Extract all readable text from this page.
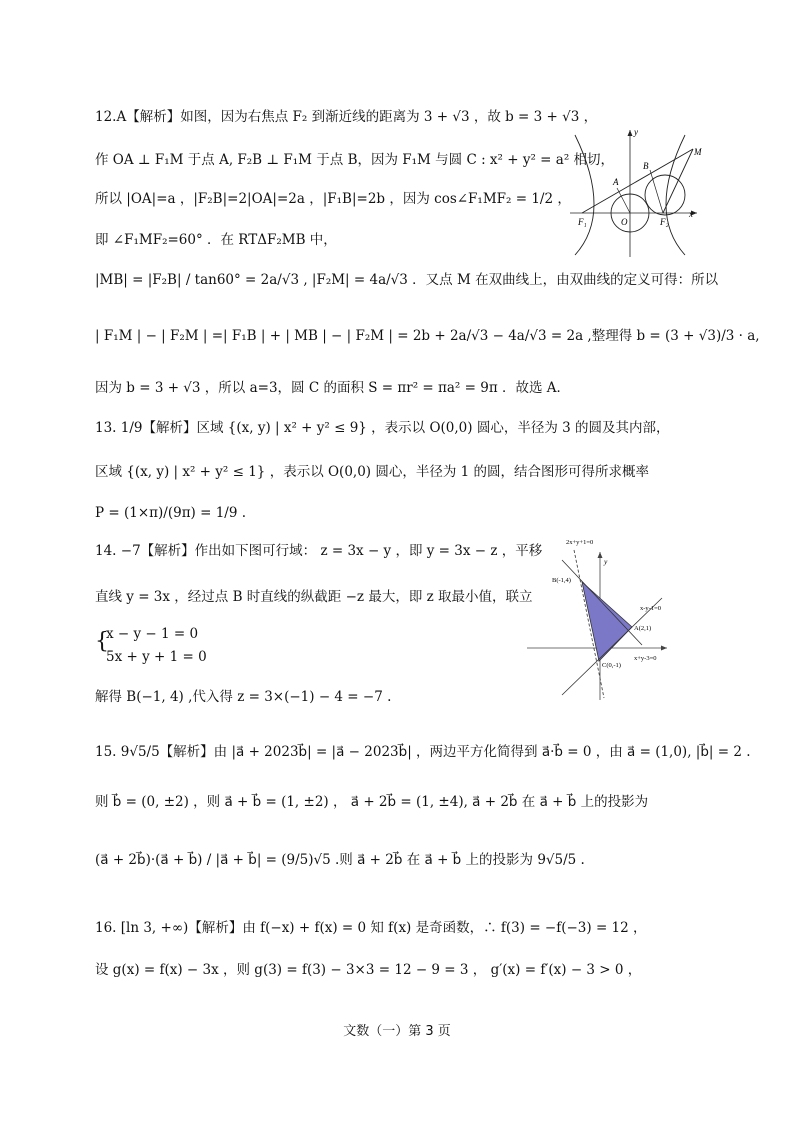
12.A【解析】如图，因为右焦点 F₂ 到渐近线的距离为 3 + √3 ，故 b = 3 + √3 ，
作 OA ⊥ F₁M 于点 A, F₂B ⊥ F₁M 于点 B，因为 F₁M 与圆 C : x² + y² = a² 相切，
所以 |OA|=a ，|F₂B|=2|OA|=2a ，|F₁B|=2b ，因为 cos∠F₁MF₂ = 1/2 ，
即 ∠F₁MF₂=60° ．在 RTΔF₂MB 中，
|MB| = |F₂B| / tan60° = 2a/√3 , |F₂M| = 4a/√3 ．又点 M 在双曲线上，由双曲线的定义可得：所以
| F₁M | − | F₂M | =| F₁B | + | MB | − | F₂M | = 2b + 2a/√3 − 4a/√3 = 2a ,整理得 b = (3 + √3)/3 · a,
因为 b = 3 + √3 ，所以 a=3，圆 C 的面积 S = πr² = πa² = 9π ．故选 A．
13. 1/9【解析】区域 {(x, y) | x² + y² ≤ 9} ，表示以 O(0,0) 圆心，半径为 3 的圆及其内部，
区域 {(x, y) | x² + y² ≤ 1} ，表示以 O(0,0) 圆心，半径为 1 的圆，结合图形可得所求概率
P = (1×π)/(9π) = 1/9 .
14. −7【解析】作出如下图可行域： z = 3x − y ，即 y = 3x − z ，平移
直线 y = 3x ，经过点 B 时直线的纵截距 −z 最大，即 z 取最小值，联立
{
x − y − 1 = 0
5x + y + 1 = 0
解得 B(−1, 4) ,代入得 z = 3×(−1) − 4 = −7 .
15. 9√5/5【解析】由 |a⃗ + 2023b⃗| = |a⃗ − 2023b⃗| ，两边平方化简得到 a⃗·b⃗ = 0 ，由 a⃗ = (1,0), |b⃗| = 2 .
则 b⃗ = (0, ±2) ，则 a⃗ + b⃗ = (1, ±2) ， a⃗ + 2b⃗ = (1, ±4), a⃗ + 2b⃗ 在 a⃗ + b⃗ 上的投影为
(a⃗ + 2b⃗)·(a⃗ + b⃗) / |a⃗ + b⃗| = (9/5)√5 .则 a⃗ + 2b⃗ 在 a⃗ + b⃗ 上的投影为 9√5/5 .
16. [ln 3, +∞)【解析】由 f(−x) + f(x) = 0 知 f(x) 是奇函数，∴ f(3) = −f(−3) = 12 ，
设 g(x) = f(x) − 3x ，则 g(3) = f(3) − 3×3 = 12 − 9 = 3 ， g′(x) = f′(x) − 3 > 0 ，
y
x
M
B
A
F₁	O	F₂
2x+y+1=0
B(-1,4)
y
x-y-1=0
A(2,1)
C(0,-1)
x+y-3=0
文数（一）第 3 页
